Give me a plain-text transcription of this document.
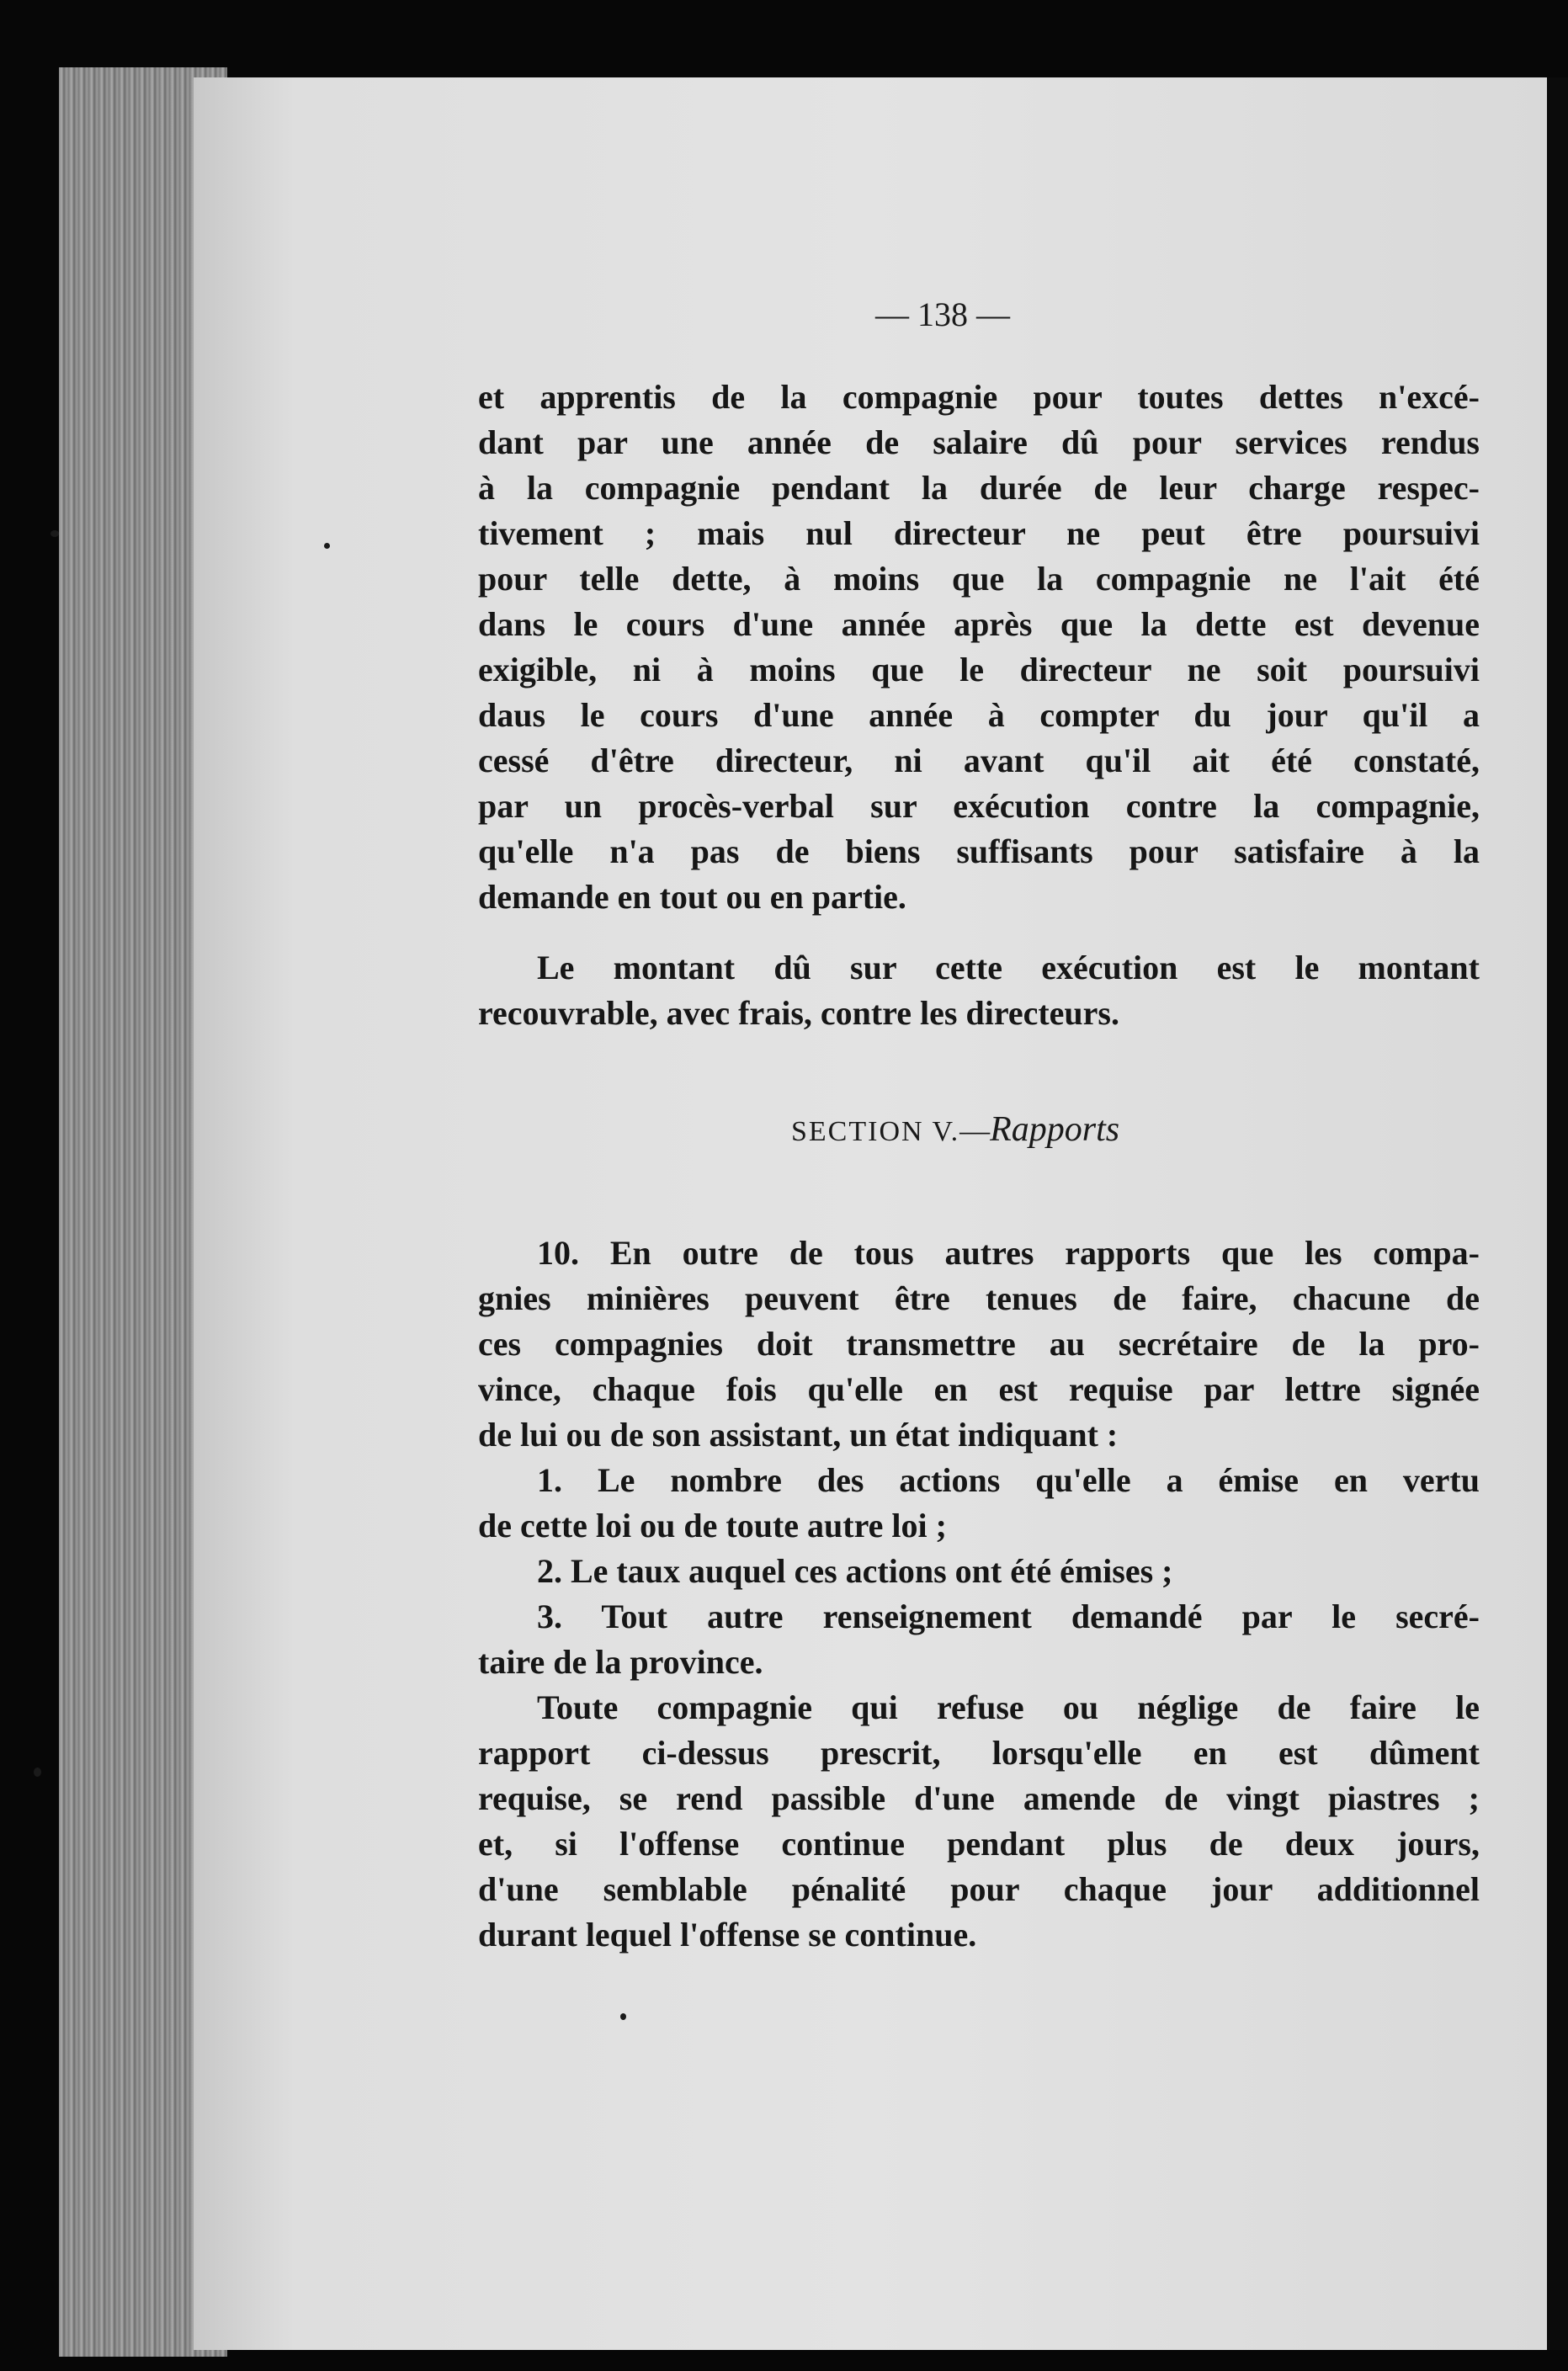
— 138 —
et apprentis de la compagnie pour toutes dettes n'excé-
dant par une année de salaire dû pour services rendus
à la compagnie pendant la durée de leur charge respec-
tivement ; mais nul directeur ne peut être poursuivi
pour telle dette, à moins que la compagnie ne l'ait été
dans le cours d'une année après que la dette est devenue
exigible, ni à moins que le directeur ne soit poursuivi
daus le cours d'une année à compter du jour qu'il a
cessé d'être directeur, ni avant qu'il ait été constaté,
par un procès-verbal sur exécution contre la compagnie,
qu'elle n'a pas de biens suffisants pour satisfaire à la
demande en tout ou en partie.
Le montant dû sur cette exécution est le montant
recouvrable, avec frais, contre les directeurs.
SECTION V.—Rapports
10. En outre de tous autres rapports que les compa-
gnies minières peuvent être tenues de faire, chacune de
ces compagnies doit transmettre au secrétaire de la pro-
vince, chaque fois qu'elle en est requise par lettre signée
de lui ou de son assistant, un état indiquant :
1. Le nombre des actions qu'elle a émise en vertu
de cette loi ou de toute autre loi ;
2. Le taux auquel ces actions ont été émises ;
3. Tout autre renseignement demandé par le secré-
taire de la province.
Toute compagnie qui refuse ou néglige de faire le
rapport ci-dessus prescrit, lorsqu'elle en est dûment
requise, se rend passible d'une amende de vingt piastres ;
et, si l'offense continue pendant plus de deux jours,
d'une semblable pénalité pour chaque jour additionnel
durant lequel l'offense se continue.
